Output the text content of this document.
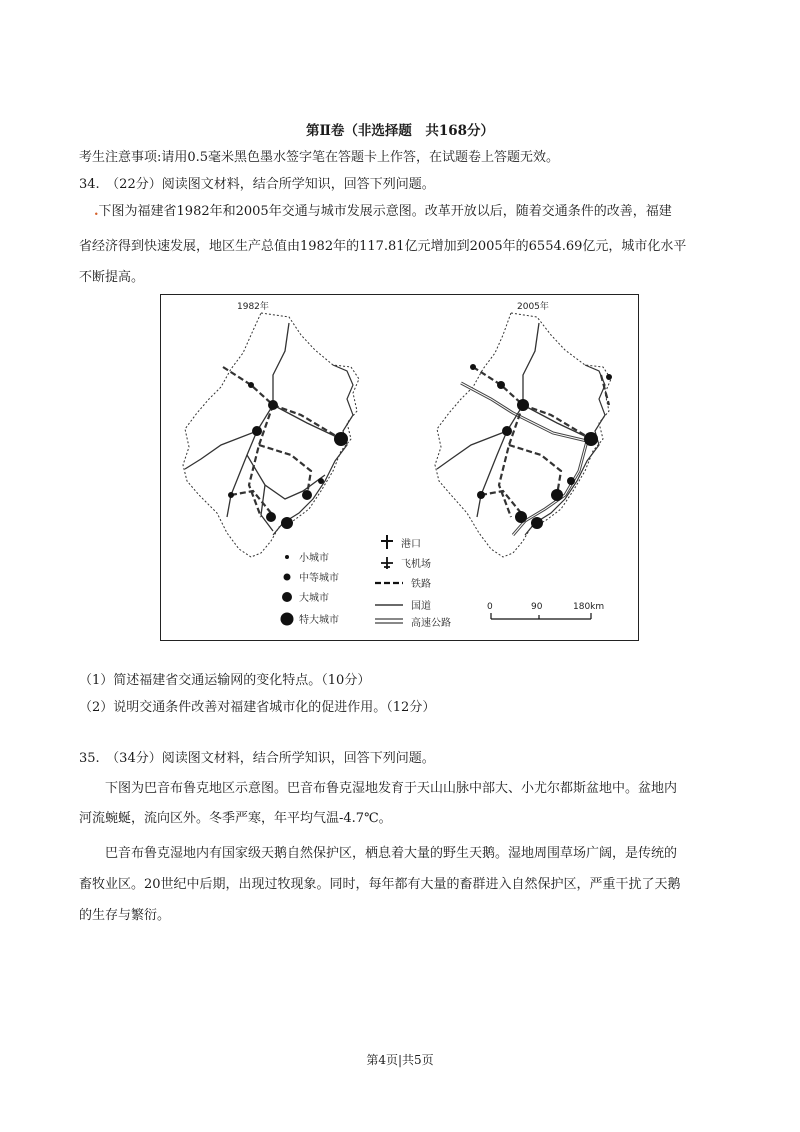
第Ⅱ卷（非选择题　共168分）
考生注意事项:请用0.5毫米黑色墨水签字笔在答题卡上作答，在试题卷上答题无效。
34.　（22分）阅读图文材料，结合所学知识，回答下列问题。
.下图为福建省1982年和2005年交通与城市发展示意图。改革开放以后，随着交通条件的改善，福建
省经济得到快速发展，地区生产总值由1982年的117.81亿元增加到2005年的6554.69亿元，城市化水平
不断提高。
1982年	2005年
小城市
中等城市
大城市
特大城市
港口
飞机场
铁路
国道
高速公路
0	90	180km
（1）简述福建省交通运输网的变化特点。（10分）
（2）说明交通条件改善对福建省城市化的促进作用。（12分）
35.　（34分）阅读图文材料，结合所学知识，回答下列问题。
下图为巴音布鲁克地区示意图。巴音布鲁克湿地发育于天山山脉中部大、小尤尔都斯盆地中。盆地内
河流蜿蜒，流向区外。冬季严寒，年平均气温-4.7℃。
巴音布鲁克湿地内有国家级天鹅自然保护区，栖息着大量的野生天鹅。湿地周围草场广阔，是传统的
畜牧业区。20世纪中后期，出现过牧现象。同时，每年都有大量的畜群进入自然保护区，严重干扰了天鹅
的生存与繁衍。
第4页|共5页
